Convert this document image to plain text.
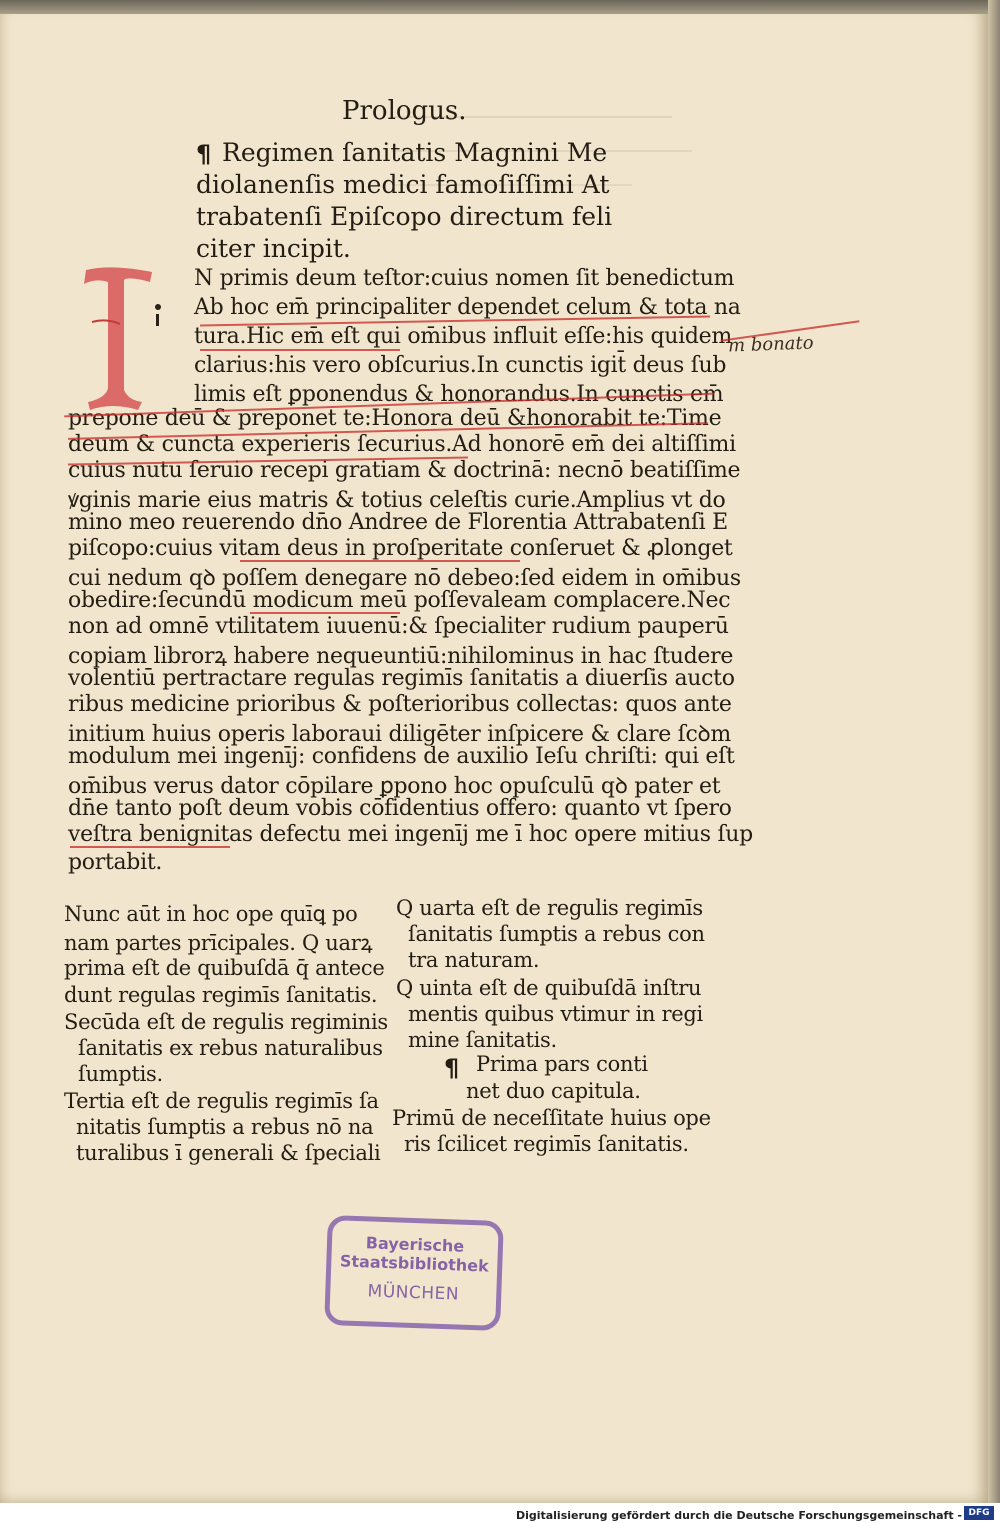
Prologus.
¶ Regimen ſanitatis Magnini Me
diolanenſis medici famoſiſſimi At
trabatenſi Epiſcopo directum feli
citer incipit.
N primis deum teſtor:cuius nomen ſit benedictum
Ab hoc em̄ principaliter dependet celum & tota na
tura.Hic em̄ eſt qui om̄ibus influit eſſe:his quidem
clarius:his vero obſcurius.In cunctis igit̄ deus ſub
limis eſt ꝑponendus & honorandus.In cunctis em̄
prepone deū & preponet te:Honora deū &honorabit te:Time
deum & cuncta experieris ſecurius.Ad honorē em̄ dei altiſſimi
cuius nutu ſeruio recepi gratiam & doctrinā: necnō beatiſſime
ꝟginis marie eius matris & totius celeſtis curie.Amplius vt do
mino meo reuerendo dn̄o Andree de Florentia Attrabatenſi E
piſcopo:cuius vitam deus in proſperitate conſeruet & ꝓlonget
cui nedum qꝺ poſſem denegare nō debeo:ſed eidem in om̄ibus
obedire:ſecundū modicum meū poſſevaleam complacere.Nec
non ad omnē vtilitatem iuuenū:& ſpecialiter rudium pauperū
copiam librorꝝ habere nequeuntiū:nihilominus in hac ſtudere
volentiū pertractare regulas regimīs ſanitatis a diuerſis aucto
ribus medicine prioribus & poſterioribus collectas: quos ante
initium huius operis laboraui diligēter inſpicere & clare ſcꝺm
modulum mei ingenīj: confidens de auxilio Ieſu chriſti: qui eſt
om̄ibus verus dator cōpilare ꝑpono hoc opuſculū qꝺ pater et
dn̄e tanto poſt deum vobis cōfidentius offero: quanto vt ſpero
veſtra benignitas defectu mei ingenīj me ī hoc opere mitius ſup
portabit.
m bonato
Nunc aūt in hoc ope quīꝗ po
nam partes prīcipales. Q uarꝝ
prima eſt de quibuſdā q̄ antece
dunt regulas regimīs ſanitatis.
Secūda eſt de regulis regiminis
ſanitatis ex rebus naturalibus
ſumptis.
Tertia eſt de regulis regimīs ſa
nitatis ſumptis a rebus nō na
turalibus ī generali & ſpeciali
Q uarta eſt de regulis regimīs
ſanitatis ſumptis a rebus con
tra naturam.
Q uinta eſt de quibuſdā inſtru
mentis quibus vtimur in regi
mine ſanitatis.
¶ Prima pars conti
net duo capitula.
Primū de neceſſitate huius ope
ris ſcilicet regimīs ſanitatis.
Bayerische
Staatsbibliothek
MÜNCHEN
Digitalisierung gefördert durch die Deutsche Forschungsgemeinschaft - DFG
